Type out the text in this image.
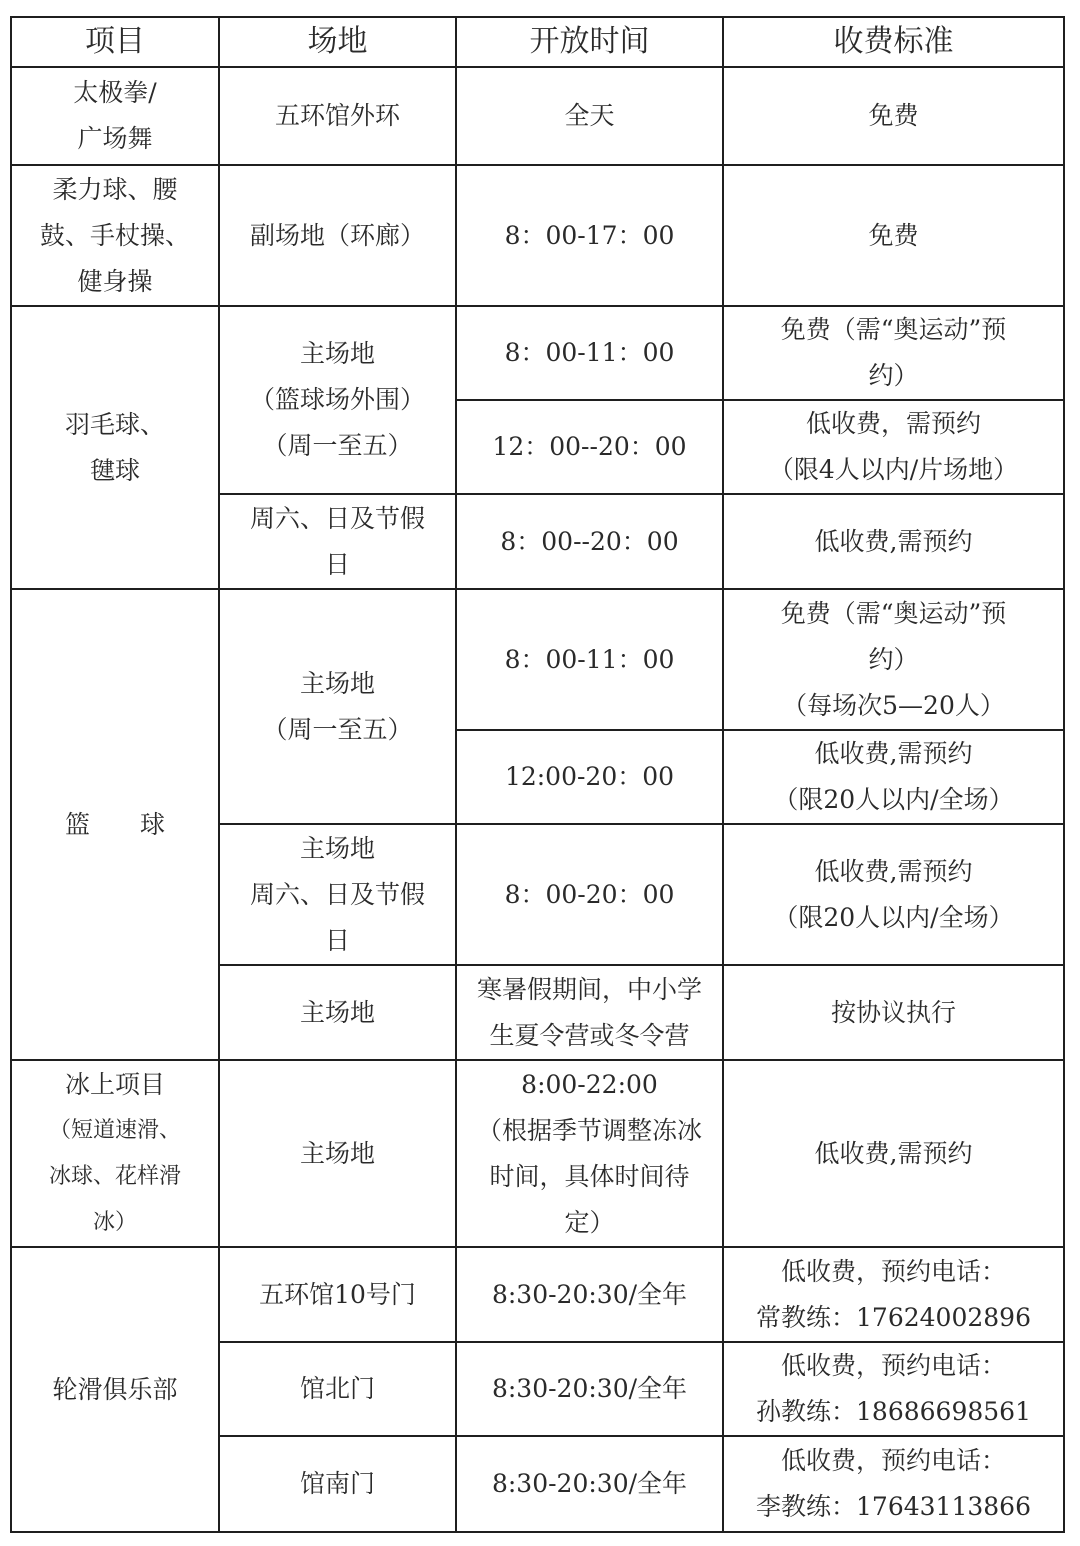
项目	场地	开放时间	收费标准

太极拳/
广场舞	五环馆外环	全天	免费

柔力球、腰
鼓、手杖操、
健身操	副场地（环廊）	8：00-17：00	免费

羽毛球、
毽球	主场地
（篮球场外围）
（周一至五）	8：00-11：00	免费（需“奥运动”预
约）

		12：00--20：00	低收费，需预约
（限4人以内/片场地）

	周六、日及节假
日	8：00--20：00	低收费,需预约
篮　　球	主场地
（周一至五）	8：00-11：00	免费（需“奥运动”预
约）
（每场次5—20人）

		12:00-20：00	低收费,需预约
（限20人以内/全场）

	主场地
周六、日及节假
日	8：00-20：00	低收费,需预约
（限20人以内/全场）

	主场地	寒暑假期间，中小学
生夏令营或冬令营	按协议执行

冰上项目
（短道速滑、
冰球、花样滑
冰）	主场地	8:00-22:00
（根据季节调整冻冰
时间，具体时间待
定）	低收费,需预约
轮滑俱乐部	五环馆10号门	8:30-20:30/全年	低收费，预约电话：
常教练：17624002896

	馆北门	8:30-20:30/全年	低收费，预约电话：
孙教练：18686698561

	馆南门	8:30-20:30/全年	低收费，预约电话：
李教练：17643113866
